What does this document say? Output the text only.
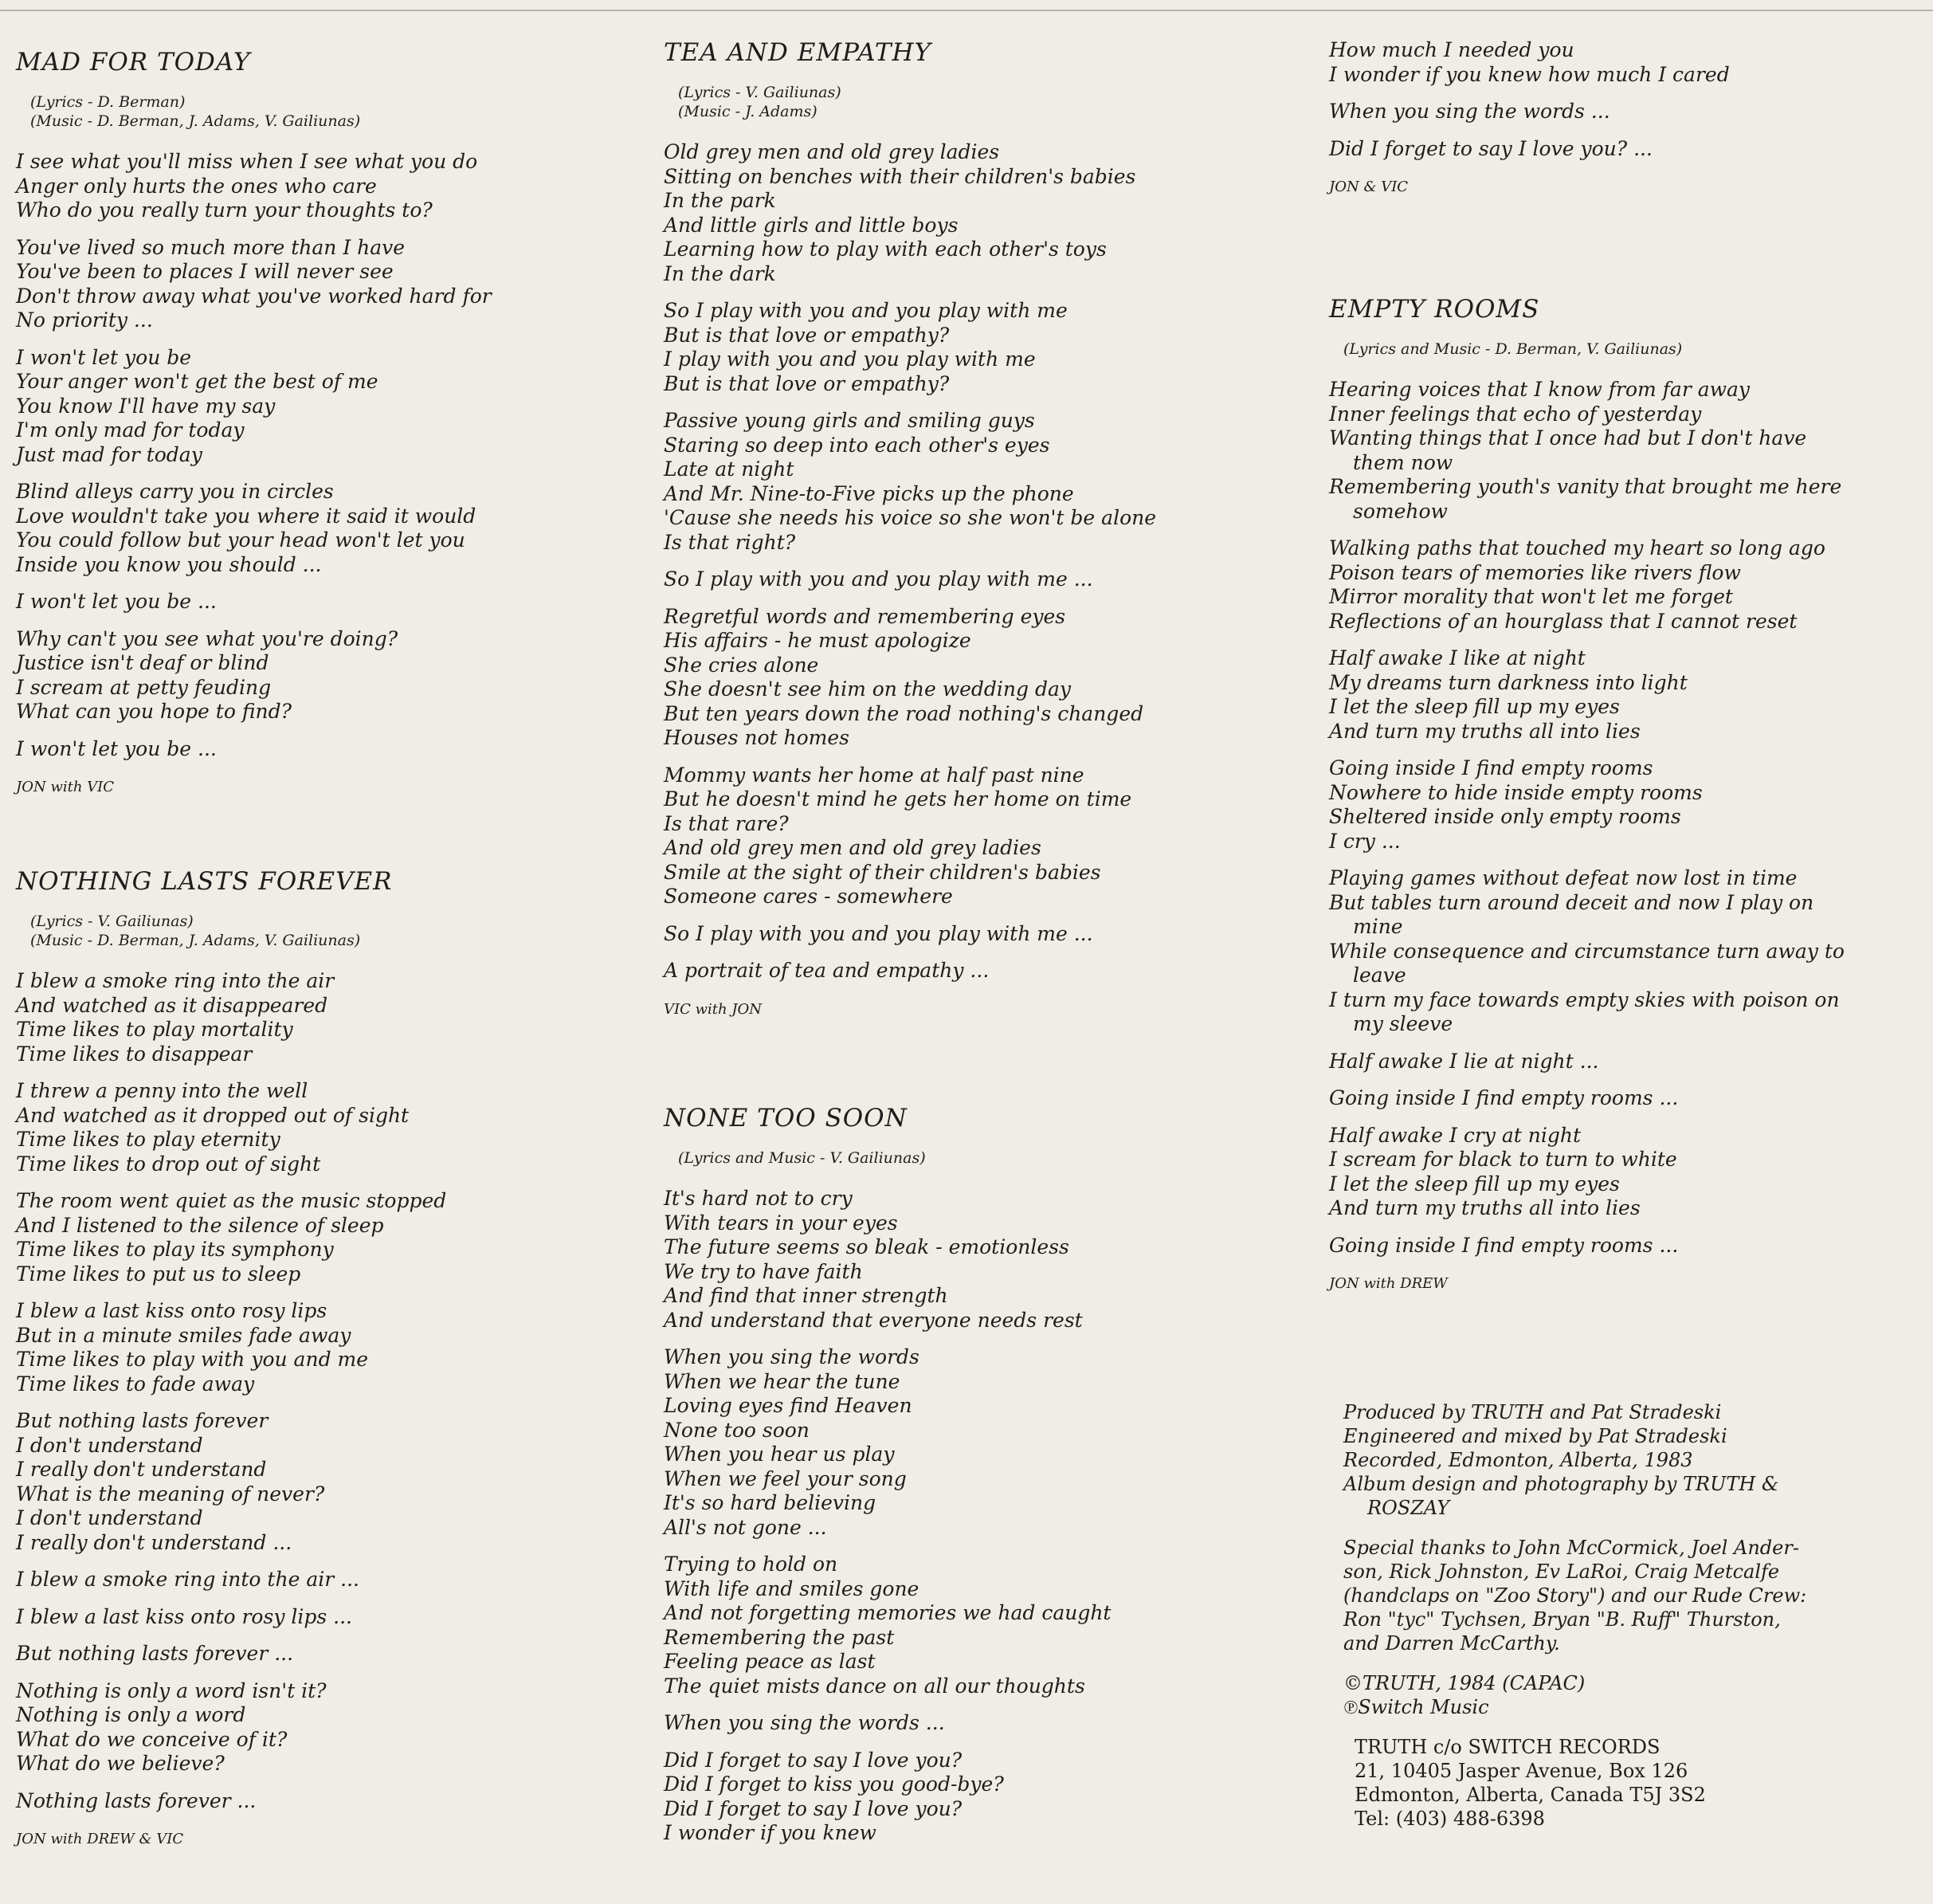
MAD FOR TODAY
(Lyrics - D. Berman)
(Music - D. Berman, J. Adams, V. Gailiunas)
I see what you'll miss when I see what you do
Anger only hurts the ones who care
Who do you really turn your thoughts to?
You've lived so much more than I have
You've been to places I will never see
Don't throw away what you've worked hard for
No priority ...
I won't let you be
Your anger won't get the best of me
You know I'll have my say
I'm only mad for today
Just mad for today
Blind alleys carry you in circles
Love wouldn't take you where it said it would
You could follow but your head won't let you
Inside you know you should ...
I won't let you be ...
Why can't you see what you're doing?
Justice isn't deaf or blind
I scream at petty feuding
What can you hope to find?
I won't let you be ...
JON with VIC
NOTHING LASTS FOREVER
(Lyrics - V. Gailiunas)
(Music - D. Berman, J. Adams, V. Gailiunas)
I blew a smoke ring into the air
And watched as it disappeared
Time likes to play mortality
Time likes to disappear
I threw a penny into the well
And watched as it dropped out of sight
Time likes to play eternity
Time likes to drop out of sight
The room went quiet as the music stopped
And I listened to the silence of sleep
Time likes to play its symphony
Time likes to put us to sleep
I blew a last kiss onto rosy lips
But in a minute smiles fade away
Time likes to play with you and me
Time likes to fade away
But nothing lasts forever
I don't understand
I really don't understand
What is the meaning of never?
I don't understand
I really don't understand ...
I blew a smoke ring into the air ...
I blew a last kiss onto rosy lips ...
But nothing lasts forever ...
Nothing is only a word isn't it?
Nothing is only a word
What do we conceive of it?
What do we believe?
Nothing lasts forever ...
JON with DREW & VIC
TEA AND EMPATHY
(Lyrics - V. Gailiunas)
(Music - J. Adams)
Old grey men and old grey ladies
Sitting on benches with their children's babies
In the park
And little girls and little boys
Learning how to play with each other's toys
In the dark
So I play with you and you play with me
But is that love or empathy?
I play with you and you play with me
But is that love or empathy?
Passive young girls and smiling guys
Staring so deep into each other's eyes
Late at night
And Mr. Nine-to-Five picks up the phone
'Cause she needs his voice so she won't be alone
Is that right?
So I play with you and you play with me ...
Regretful words and remembering eyes
His affairs - he must apologize
She cries alone
She doesn't see him on the wedding day
But ten years down the road nothing's changed
Houses not homes
Mommy wants her home at half past nine
But he doesn't mind he gets her home on time
Is that rare?
And old grey men and old grey ladies
Smile at the sight of their children's babies
Someone cares - somewhere
So I play with you and you play with me ...
A portrait of tea and empathy ...
VIC with JON
NONE TOO SOON
(Lyrics and Music - V. Gailiunas)
It's hard not to cry
With tears in your eyes
The future seems so bleak - emotionless
We try to have faith
And find that inner strength
And understand that everyone needs rest
When you sing the words
When we hear the tune
Loving eyes find Heaven
None too soon
When you hear us play
When we feel your song
It's so hard believing
All's not gone ...
Trying to hold on
With life and smiles gone
And not forgetting memories we had caught
Remembering the past
Feeling peace as last
The quiet mists dance on all our thoughts
When you sing the words ...
Did I forget to say I love you?
Did I forget to kiss you good-bye?
Did I forget to say I love you?
I wonder if you knew
How much I needed you
I wonder if you knew how much I cared
When you sing the words ...
Did I forget to say I love you? ...
JON & VIC
EMPTY ROOMS
(Lyrics and Music - D. Berman, V. Gailiunas)
Hearing voices that I know from far away
Inner feelings that echo of yesterday
Wanting things that I once had but I don't have
them now
Remembering youth's vanity that brought me here
somehow
Walking paths that touched my heart so long ago
Poison tears of memories like rivers flow
Mirror morality that won't let me forget
Reflections of an hourglass that I cannot reset
Half awake I like at night
My dreams turn darkness into light
I let the sleep fill up my eyes
And turn my truths all into lies
Going inside I find empty rooms
Nowhere to hide inside empty rooms
Sheltered inside only empty rooms
I cry ...
Playing games without defeat now lost in time
But tables turn around deceit and now I play on
mine
While consequence and circumstance turn away to
leave
I turn my face towards empty skies with poison on
my sleeve
Half awake I lie at night ...
Going inside I find empty rooms ...
Half awake I cry at night
I scream for black to turn to white
I let the sleep fill up my eyes
And turn my truths all into lies
Going inside I find empty rooms ...
JON with DREW
Produced by TRUTH and Pat Stradeski
Engineered and mixed by Pat Stradeski
Recorded, Edmonton, Alberta, 1983
Album design and photography by TRUTH &
ROSZAY
Special thanks to John McCormick, Joel Ander-
son, Rick Johnston, Ev LaRoi, Craig Metcalfe
(handclaps on "Zoo Story") and our Rude Crew:
Ron "tyc" Tychsen, Bryan "B. Ruff" Thurston,
and Darren McCarthy.
©TRUTH, 1984 (CAPAC)
℗Switch Music
TRUTH c/o SWITCH RECORDS
21, 10405 Jasper Avenue, Box 126
Edmonton, Alberta, Canada T5J 3S2
Tel: (403) 488-6398
